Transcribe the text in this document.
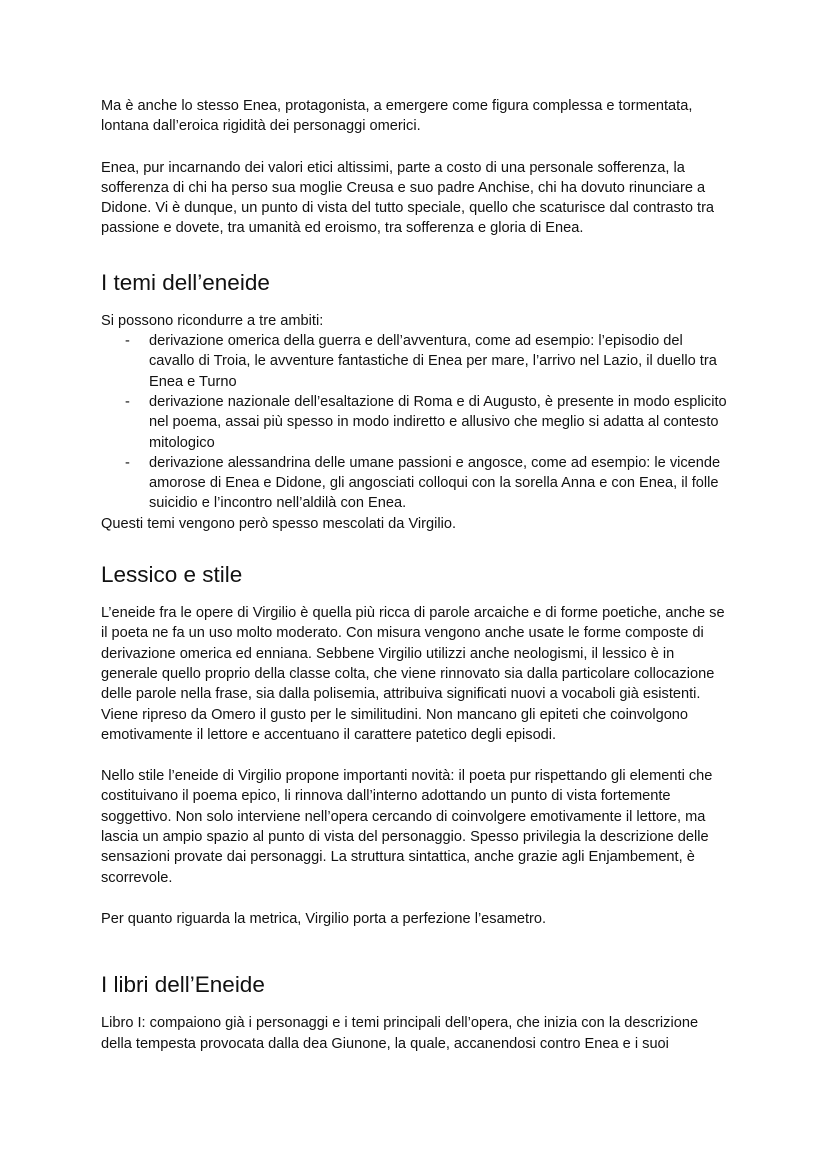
Ma è anche lo stesso Enea, protagonista, a emergere come figura complessa e tormentata, lontana dall’eroica rigidità dei personaggi omerici.

Enea, pur incarnando dei valori etici altissimi, parte a costo di una personale sofferenza, la sofferenza di chi ha perso sua moglie Creusa e suo padre Anchise, chi ha dovuto rinunciare a Didone. Vi è dunque, un punto di vista del tutto speciale, quello che scaturisce dal contrasto tra passione e dovete, tra umanità ed eroismo, tra sofferenza e gloria di Enea.

I temi dell’eneide

Si possono ricondurre a tre ambiti:

- derivazione omerica della guerra e dell’avventura, come ad esempio: l’episodio del cavallo di Troia, le avventure fantastiche di Enea per mare, l’arrivo nel Lazio, il duello tra Enea e Turno
- derivazione nazionale dell’esaltazione di Roma e di Augusto, è presente in modo esplicito nel poema, assai più spesso in modo indiretto e allusivo che meglio si adatta al contesto mitologico
- derivazione alessandrina delle umane passioni e angosce, come ad esempio: le vicende amorose di Enea e Didone, gli angosciati colloqui con la sorella Anna e con Enea, il folle suicidio e l’incontro nell’aldilà con Enea.

Questi temi vengono però spesso mescolati da Virgilio.

Lessico e stile

L’eneide fra le opere di Virgilio è quella più ricca di parole arcaiche e di forme poetiche, anche se il poeta ne fa un uso molto moderato. Con misura vengono anche usate le forme composte di derivazione omerica ed enniana. Sebbene Virgilio utilizzi anche neologismi, il lessico è in generale quello proprio della classe colta, che viene rinnovato sia dalla particolare collocazione delle parole nella frase, sia dalla polisemia, attribuiva significati nuovi a vocaboli già esistenti. Viene ripreso da Omero il gusto per le similitudini. Non mancano gli epiteti che coinvolgono emotivamente il lettore e accentuano il carattere patetico degli episodi.

Nello stile l’eneide di Virgilio propone importanti novità: il poeta pur rispettando gli elementi che costituivano il poema epico, li rinnova dall’interno adottando un punto di vista fortemente soggettivo. Non solo interviene nell’opera cercando di coinvolgere emotivamente il lettore, ma lascia un ampio spazio al punto di vista del personaggio. Spesso privilegia la descrizione delle sensazioni provate dai personaggi. La struttura sintattica, anche grazie agli Enjambement, è scorrevole.

Per quanto riguarda la metrica, Virgilio porta a perfezione l’esametro.

I libri dell’Eneide

Libro I: compaiono già i personaggi e i temi principali dell’opera, che inizia con la descrizione della tempesta provocata dalla dea Giunone, la quale, accanendosi contro Enea e i suoi
